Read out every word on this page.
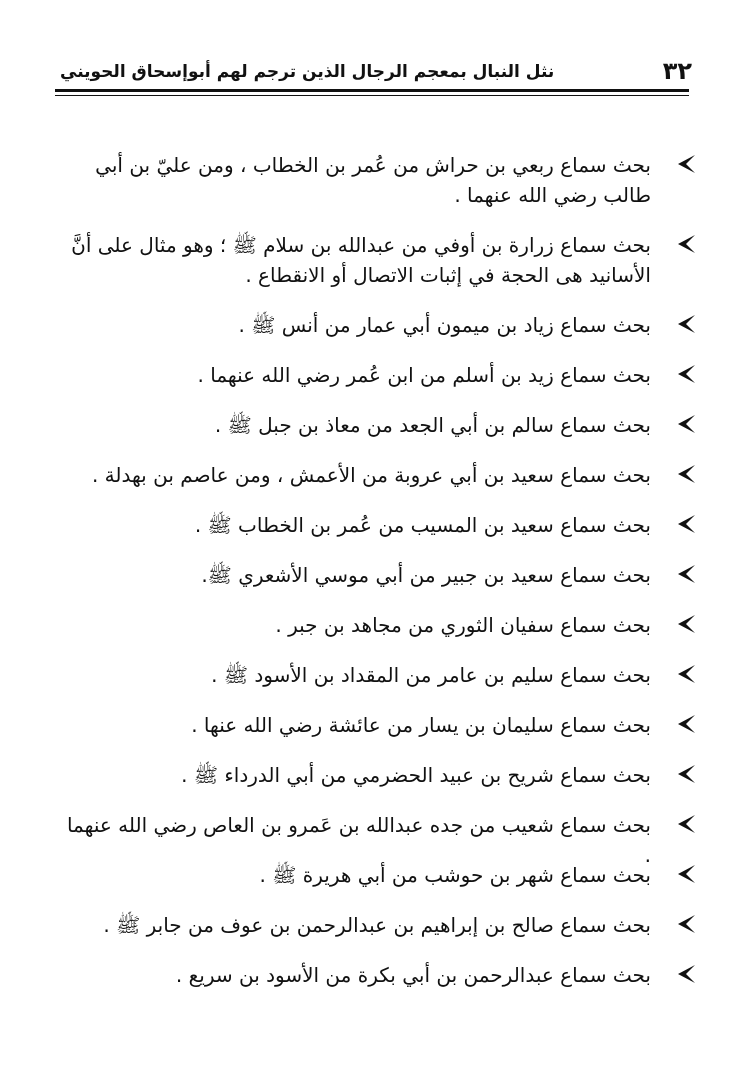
٣٢
نثل النبال بمعجم الرجال الذين ترجم لهم أبوإسحاق الحويني
بحث سماع ربعي بن حراش من عُمر بن الخطاب ، ومن عليّ بن أبي طالب رضي الله عنهما .
بحث سماع زرارة بن أوفي من عبدالله بن سلام ﷺ ؛ وهو مثال على أنَّ الأسانيد هى الحجة في إثبات الاتصال أو الانقطاع .
بحث سماع زياد بن ميمون أبي عمار من أنس ﷺ .
بحث سماع زيد بن أسلم من ابن عُمر رضي الله عنهما .
بحث سماع سالم بن أبي الجعد من معاذ بن جبل ﷺ .
بحث سماع سعيد بن أبي عروبة من الأعمش ، ومن عاصم بن بهدلة .
بحث سماع سعيد بن المسيب من عُمر بن الخطاب ﷺ .
بحث سماع سعيد بن جبير من أبي موسي الأشعري ﷺ.
بحث سماع سفيان الثوري من مجاهد بن جبر .
بحث سماع سليم بن عامر من المقداد بن الأسود ﷺ .
بحث سماع سليمان بن يسار من عائشة رضي الله عنها .
بحث سماع شريح بن عبيد الحضرمي من أبي الدرداء ﷺ .
بحث سماع شعيب من جده عبدالله بن عَمرو بن العاص رضي الله عنهما .
بحث سماع شهر بن حوشب من أبي هريرة ﷺ .
بحث سماع صالح بن إبراهيم بن عبدالرحمن بن عوف من جابر ﷺ .
بحث سماع عبدالرحمن بن أبي بكرة من الأسود بن سريع .
